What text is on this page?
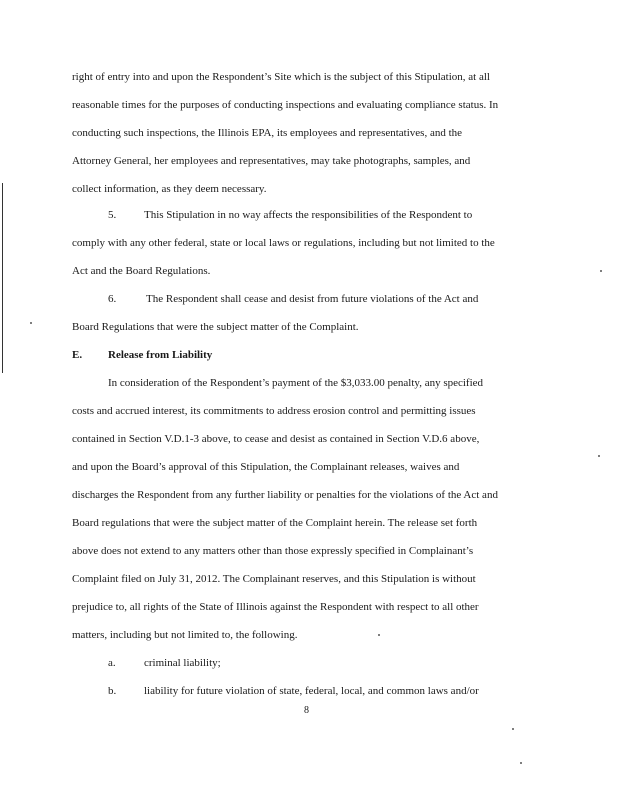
right of entry into and upon the Respondent’s Site which is the subject of this Stipulation, at all
reasonable times for the purposes of conducting inspections and evaluating compliance status. In
conducting such inspections, the Illinois EPA, its employees and representatives, and the
Attorney General, her employees and representatives, may take photographs, samples, and
collect information, as they deem necessary.
5.	This Stipulation in no way affects the responsibilities of the Respondent to
comply with any other federal, state or local laws or regulations, including but not limited to the
Act and the Board Regulations.
6.	The Respondent shall cease and desist from future violations of the Act and
Board Regulations that were the subject matter of the Complaint.
E. Release from Liability
In consideration of the Respondent’s payment of the $3,033.00 penalty, any specified
costs and accrued interest, its commitments to address erosion control and permitting issues
contained in Section V.D.1-3 above, to cease and desist as contained in Section V.D.6 above,
and upon the Board’s approval of this Stipulation, the Complainant releases, waives and
discharges the Respondent from any further liability or penalties for the violations of the Act and
Board regulations that were the subject matter of the Complaint herein. The release set forth
above does not extend to any matters other than those expressly specified in Complainant’s
Complaint filed on July 31, 2012. The Complainant reserves, and this Stipulation is without
prejudice to, all rights of the State of Illinois against the Respondent with respect to all other
matters, including but not limited to, the following.
a.	criminal liability;
b.	liability for future violation of state, federal, local, and common laws and/or
8
